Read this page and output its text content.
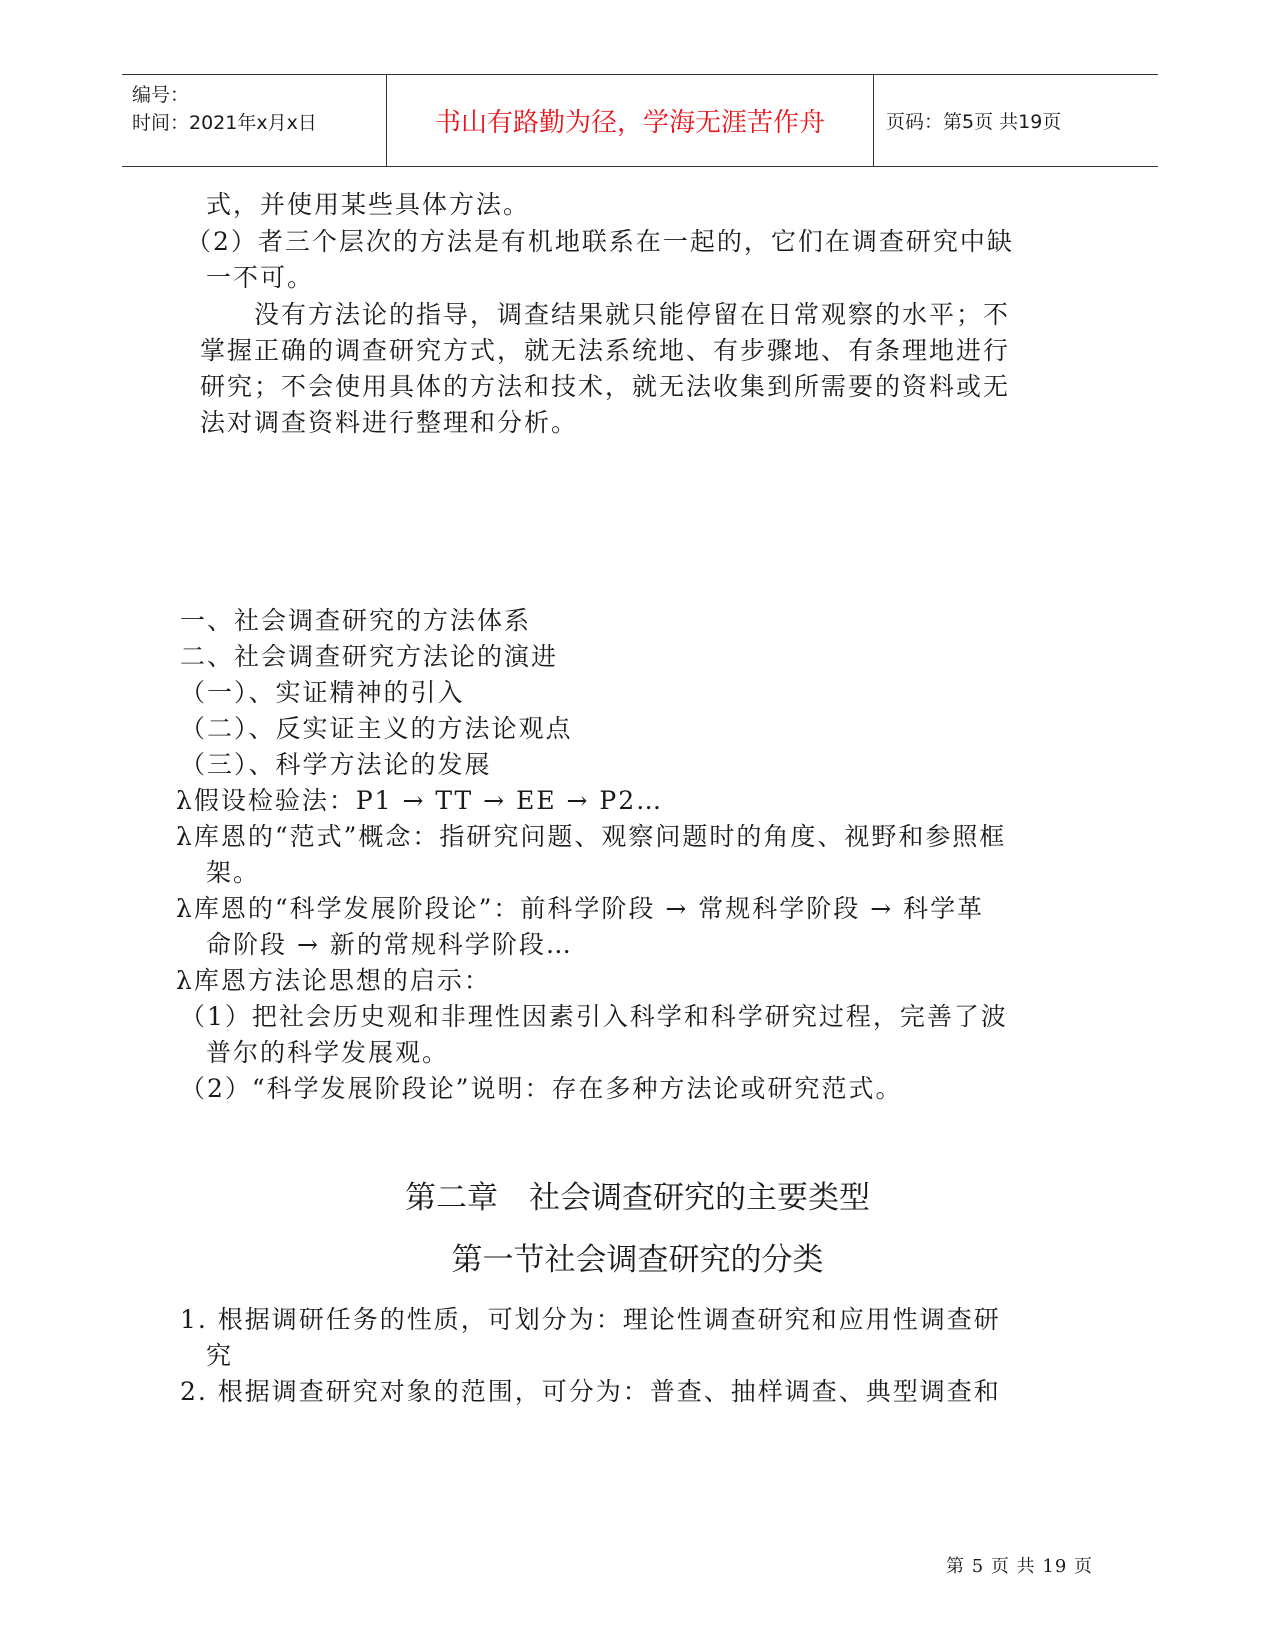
编号：
时间：2021年x月x日	书山有路勤为径，学海无涯苦作舟	页码：第5页 共19页
式，并使用某些具体方法。
（2）者三个层次的方法是有机地联系在一起的，它们在调查研究中缺
一不可。
没有方法论的指导，调查结果就只能停留在日常观察的水平；不
掌握正确的调查研究方式，就无法系统地、有步骤地、有条理地进行
研究；不会使用具体的方法和技术，就无法收集到所需要的资料或无
法对调查资料进行整理和分析。
一、社会调查研究的方法体系
二、社会调查研究方法论的演进
（一）、实证精神的引入
（二）、反实证主义的方法论观点
（三）、科学方法论的发展
λ假设检验法：P1 → TT → EE → P2…
λ库恩的“范式”概念：指研究问题、观察问题时的角度、视野和参照框
架。
λ库恩的“科学发展阶段论”：前科学阶段 → 常规科学阶段 → 科学革
命阶段 → 新的常规科学阶段…
λ库恩方法论思想的启示：
（1）把社会历史观和非理性因素引入科学和科学研究过程，完善了波
普尔的科学发展观。
（2）“科学发展阶段论”说明：存在多种方法论或研究范式。
第二章　社会调查研究的主要类型
第一节社会调查研究的分类
1. 根据调研任务的性质，可划分为：理论性调查研究和应用性调查研
究
2. 根据调查研究对象的范围，可分为：普查、抽样调查、典型调查和
第 5 页 共 19 页
